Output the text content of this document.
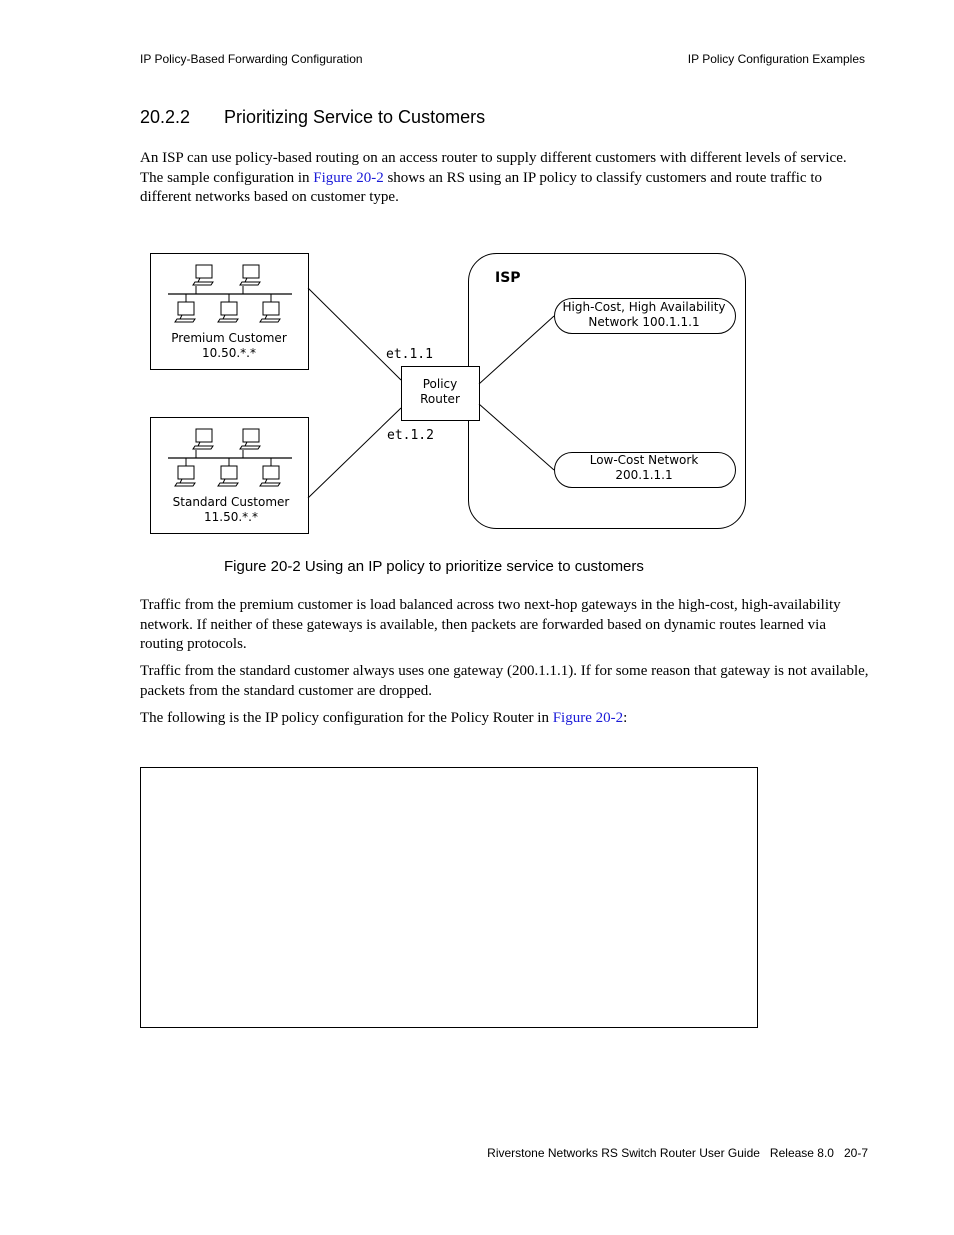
IP Policy-Based Forwarding Configuration	IP Policy Configuration Examples
20.2.2 Prioritizing Service to Customers
An ISP can use policy-based routing on an access router to supply different customers with different levels of service. The sample configuration in Figure 20-2 shows an RS using an IP policy to classify customers and route traffic to different networks based on customer type.
Premium Customer
10.50.*.*
Standard Customer
11.50.*.*
ISP
Policy
Router
et.1.1
et.1.2
High-Cost, High Availability
Network 100.1.1.1
Low-Cost Network
200.1.1.1
Figure 20-2 Using an IP policy to prioritize service to customers
Traffic from the premium customer is load balanced across two next-hop gateways in the high-cost, high-availability network. If neither of these gateways is available, then packets are forwarded based on dynamic routes learned via routing protocols.
Traffic from the standard customer always uses one gateway (200.1.1.1). If for some reason that gateway is not available, packets from the standard customer are dropped.
The following is the IP policy configuration for the Policy Router in Figure 20-2:
Riverstone Networks RS Switch Router User Guide   Release 8.0   20-7
